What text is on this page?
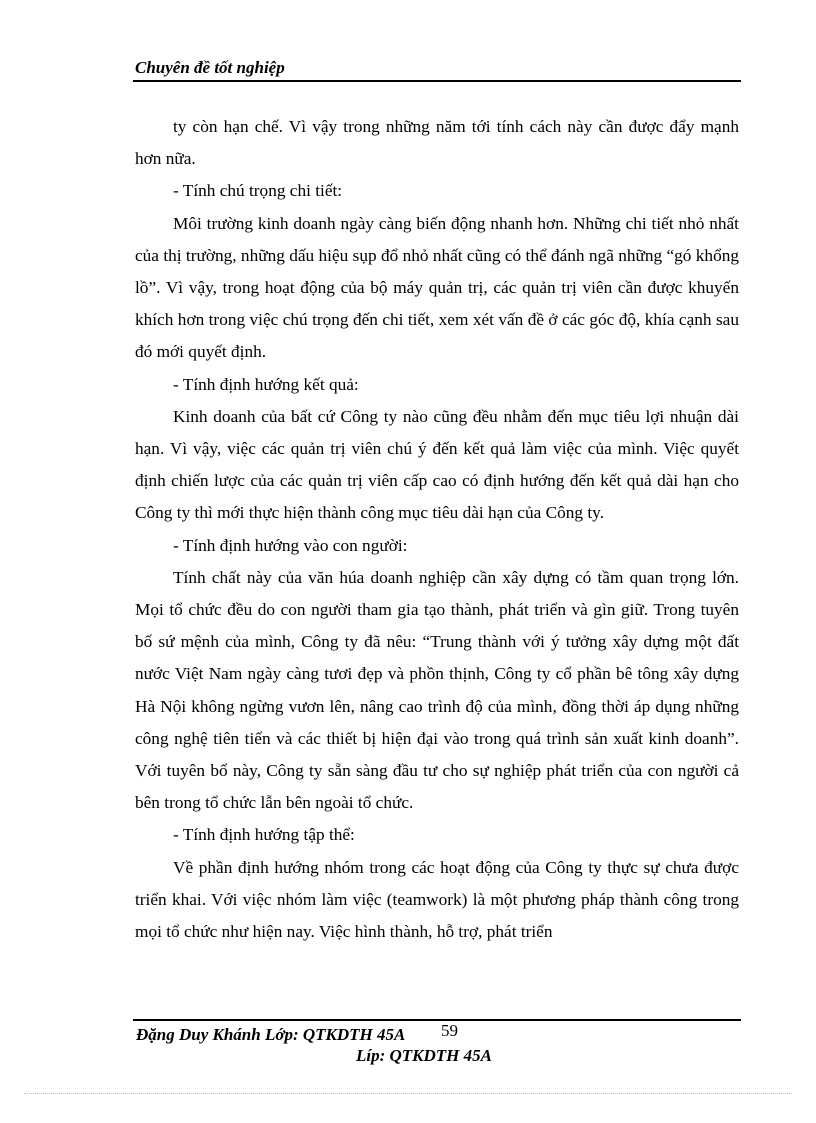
Chuyên đề tốt nghiệp

ty còn hạn chế. Vì vậy trong những năm tới tính cách này cần được đẩy mạnh hơn nữa.

- Tính chú trọng chi tiết:

Môi trường kinh doanh ngày càng biến động nhanh hơn. Những chi tiết nhỏ nhất của thị trường, những dấu hiệu sụp đổ nhỏ nhất cũng có thể đánh ngã những “gó khổng lồ”. Vì vậy, trong hoạt động của bộ máy quản trị, các quản trị viên cần được khuyến khích hơn trong việc chú trọng đến chi tiết, xem xét vấn đề ở các góc độ, khía cạnh sau đó mới quyết định.

- Tính định hướng kết quả:

Kinh doanh của bất cứ Công ty nào cũng đều nhằm đến mục tiêu lợi nhuận dài hạn. Vì vậy, việc các quản trị viên chú ý đến kết quả làm việc của mình. Việc quyết định chiến lược của các quản trị viên cấp cao có định hướng đến kết quả dài hạn cho Công ty thì mới thực hiện thành công mục tiêu dài hạn của Công ty.

- Tính định hướng vào con người:

Tính chất này của văn húa doanh nghiệp cần xây dựng có tầm quan trọng lớn. Mọi tổ chức đều do con người tham gia tạo thành, phát triển và gìn giữ. Trong tuyên bố sứ mệnh của mình, Công ty đã nêu: “Trung thành với ý tưởng xây dựng một đất nước Việt Nam ngày càng tươi đẹp và phồn thịnh, Công ty cổ phần bê tông xây dựng Hà Nội không ngừng vươn lên, nâng cao trình độ của mình, đồng thời áp dụng những công nghệ tiên tiến và các thiết bị hiện đại vào trong quá trình sản xuất kinh doanh”. Với tuyên bố này, Công ty sẵn sàng đầu tư cho sự nghiệp phát triển của con người cả bên trong tổ chức lẫn bên ngoài tổ chức.

- Tính định hướng tập thể:

Về phần định hướng nhóm trong các hoạt động của Công ty thực sự chưa được triển khai. Với việc nhóm làm việc (teamwork) là một phương pháp thành công trong mọi tổ chức như hiện nay. Việc hình thành, hỗ trợ, phát triển

Đặng Duy Khánh Lớp: QTKDTH 45A 59
Líp: QTKDTH 45A
